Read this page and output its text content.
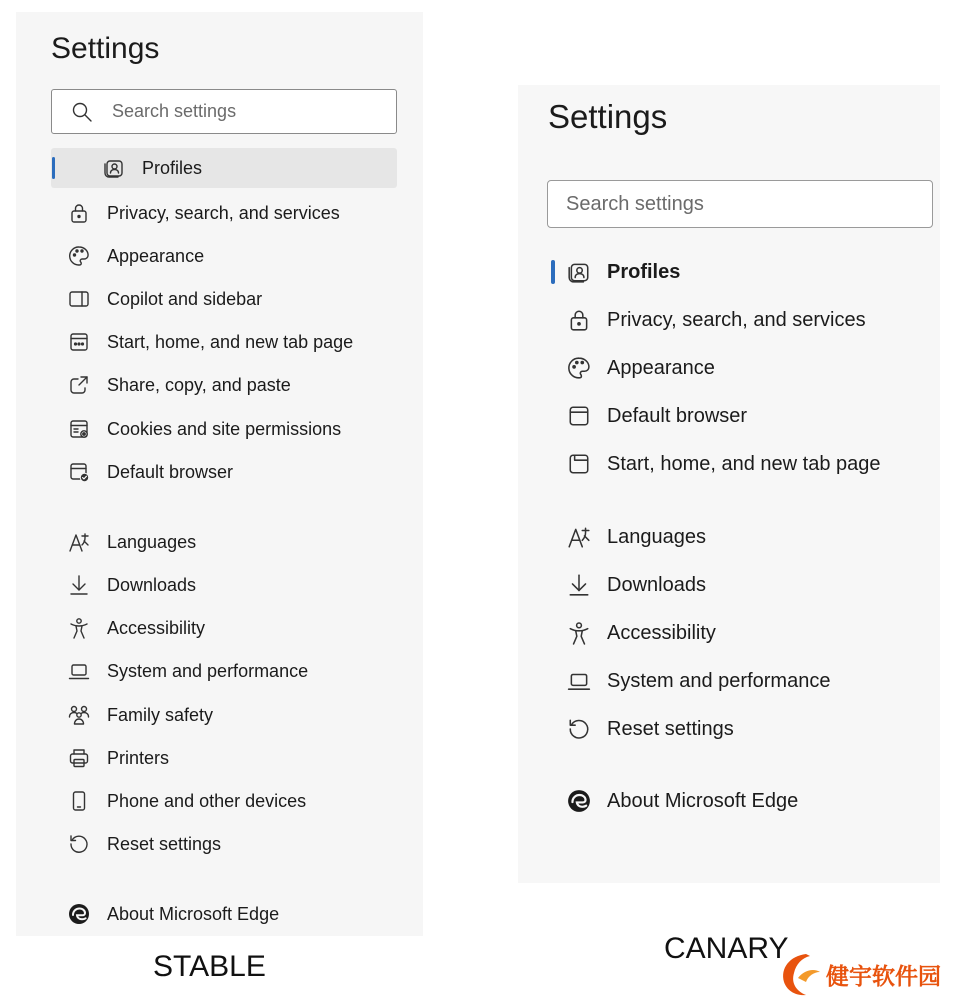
Settings
Search settings
Profiles
Privacy, search, and services
Appearance
Copilot and sidebar
Start, home, and new tab page
Share, copy, and paste
Cookies and site permissions
Default browser
Languages
Downloads
Accessibility
System and performance
Family safety
Printers
Phone and other devices
Reset settings
About Microsoft Edge
Settings
Search settings
Profiles
Privacy, search, and services
Appearance
Default browser
Start, home, and new tab page
Languages
Downloads
Accessibility
System and performance
Reset settings
About Microsoft Edge
STABLE
CANARY
健宇软件园
